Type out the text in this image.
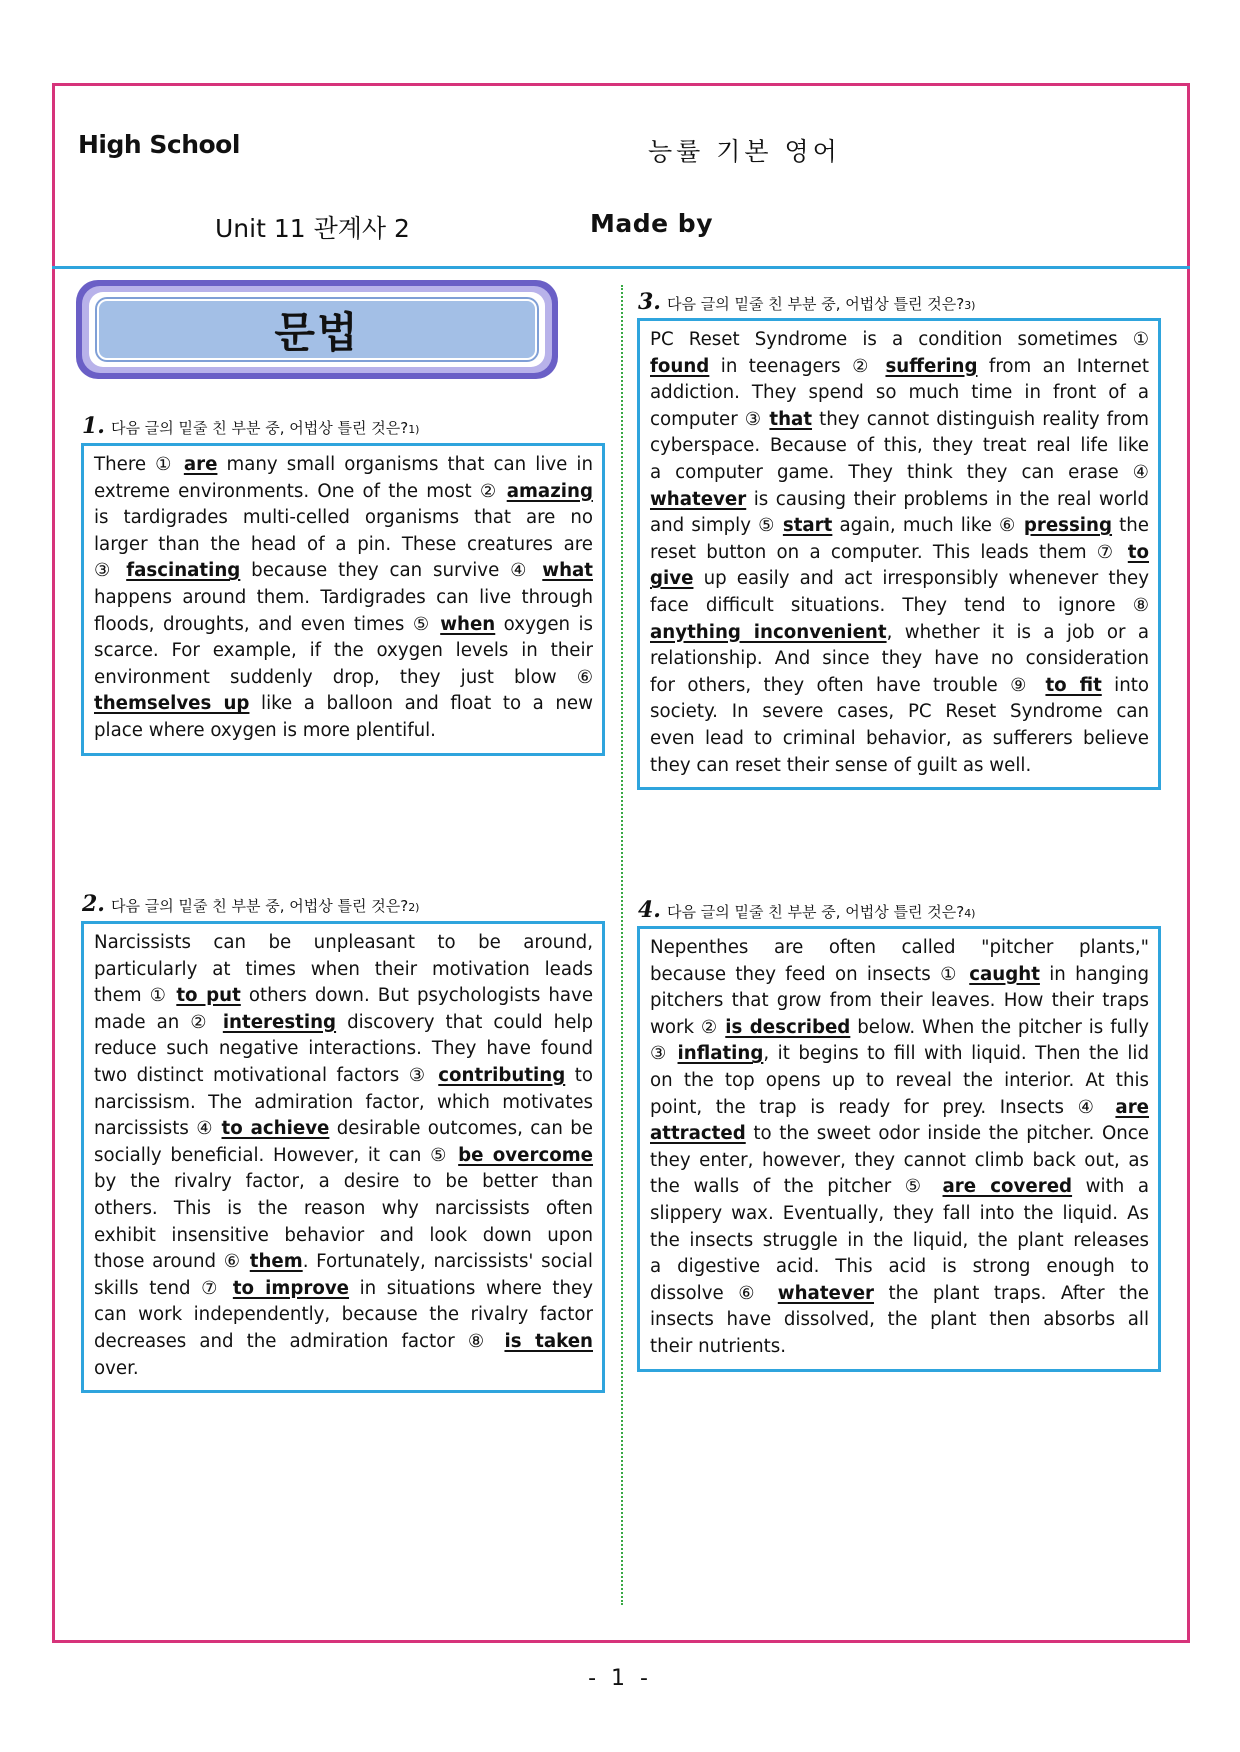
High School	능률 기본 영어
Unit 11 관계사 2	Made by
문법
1. 다음 글의 밑줄 친 부분 중, 어법상 틀린 것은? 1)
There ① are many small organisms that can live in
extreme environments. One of the most ② amazing
is tardigrades multi-celled organisms that are no
larger than the head of a pin. These creatures are
③ fascinating because they can survive ④ what
happens around them. Tardigrades can live through
floods, droughts, and even times ⑤ when oxygen is
scarce. For example, if the oxygen levels in their
environment suddenly drop, they just blow ⑥
themselves up like a balloon and float to a new
place where oxygen is more plentiful.
2. 다음 글의 밑줄 친 부분 중, 어법상 틀린 것은? 2)
Narcissists can be unpleasant to be around,
particularly at times when their motivation leads
them ① to put others down. But psychologists have
made an ② interesting discovery that could help
reduce such negative interactions. They have found
two distinct motivational factors ③ contributing to
narcissism. The admiration factor, which motivates
narcissists ④ to achieve desirable outcomes, can be
socially beneficial. However, it can ⑤ be overcome
by the rivalry factor, a desire to be better than
others. This is the reason why narcissists often
exhibit insensitive behavior and look down upon
those around ⑥ them. Fortunately, narcissists' social
skills tend ⑦ to improve in situations where they
can work independently, because the rivalry factor
decreases and the admiration factor ⑧ is taken
over.
3. 다음 글의 밑줄 친 부분 중, 어법상 틀린 것은? 3)
PC Reset Syndrome is a condition sometimes ①
found in teenagers ② suffering from an Internet
addiction. They spend so much time in front of a
computer ③ that they cannot distinguish reality from
cyberspace. Because of this, they treat real life like
a computer game. They think they can erase ④
whatever is causing their problems in the real world
and simply ⑤ start again, much like ⑥ pressing the
reset button on a computer. This leads them ⑦ to
give up easily and act irresponsibly whenever they
face difficult situations. They tend to ignore ⑧
anything inconvenient, whether it is a job or a
relationship. And since they have no consideration
for others, they often have trouble ⑨ to fit into
society. In severe cases, PC Reset Syndrome can
even lead to criminal behavior, as sufferers believe
they can reset their sense of guilt as well.
4. 다음 글의 밑줄 친 부분 중, 어법상 틀린 것은? 4)
Nepenthes are often called "pitcher plants,"
because they feed on insects ① caught in hanging
pitchers that grow from their leaves. How their traps
work ② is described below. When the pitcher is fully
③ inflating, it begins to fill with liquid. Then the lid
on the top opens up to reveal the interior. At this
point, the trap is ready for prey. Insects ④ are
attracted to the sweet odor inside the pitcher. Once
they enter, however, they cannot climb back out, as
the walls of the pitcher ⑤ are covered with a
slippery wax. Eventually, they fall into the liquid. As
the insects struggle in the liquid, the plant releases
a digestive acid. This acid is strong enough to
dissolve ⑥ whatever the plant traps. After the
insects have dissolved, the plant then absorbs all
their nutrients.
- 1 -
